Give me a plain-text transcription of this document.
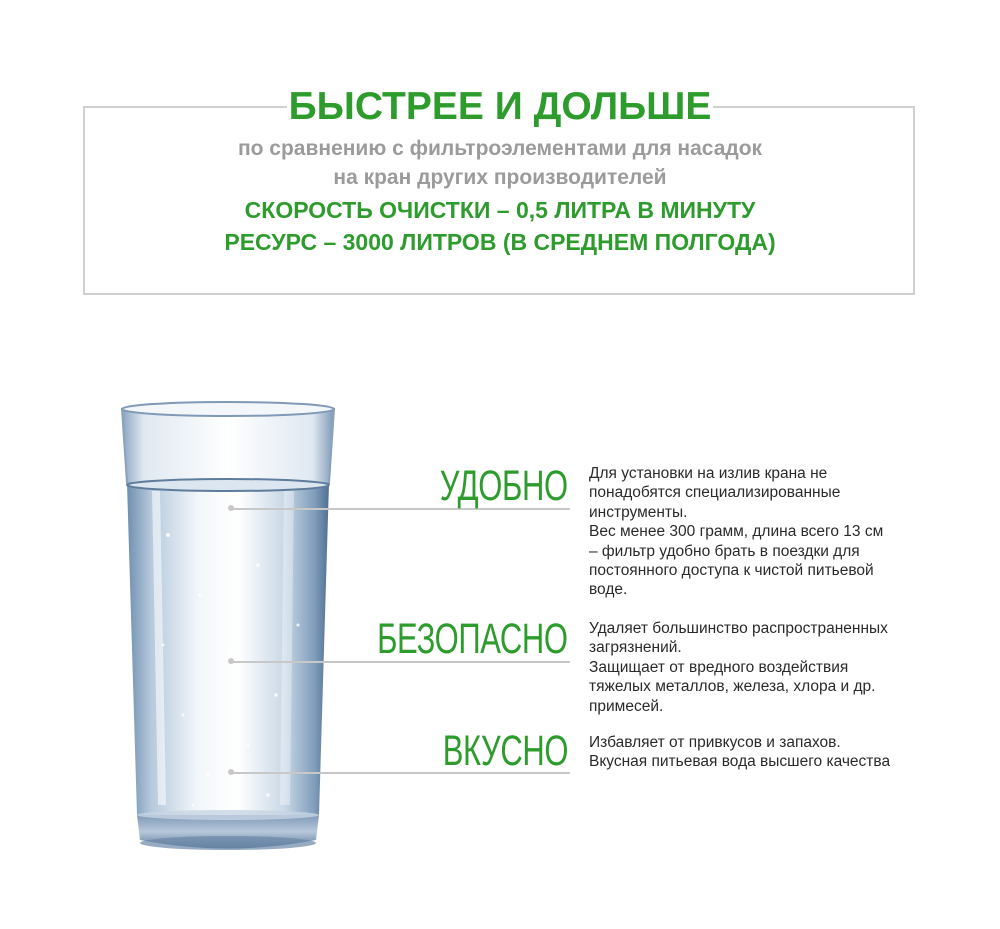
БЫСТРЕЕ И ДОЛЬШЕ
по сравнению с фильтроэлементами для насадок
на кран других производителей
СКОРОСТЬ ОЧИСТКИ – 0,5 ЛИТРА В МИНУТУ
РЕСУРС – 3000 ЛИТРОВ (В СРЕДНЕМ ПОЛГОДА)
УДОБНО Для установки на излив крана не
понадобятся специализированные
инструменты.
Вес менее 300 грамм, длина всего 13 см
– фильтр удобно брать в поездки для
постоянного доступа к чистой питьевой
воде.
БЕЗОПАСНО Удаляет большинство распространенных
загрязнений.
Защищает от вредного воздействия
тяжелых металлов, железа, хлора и др.
примесей.
ВКУСНО Избавляет от привкусов и запахов.
Вкусная питьевая вода высшего качества
